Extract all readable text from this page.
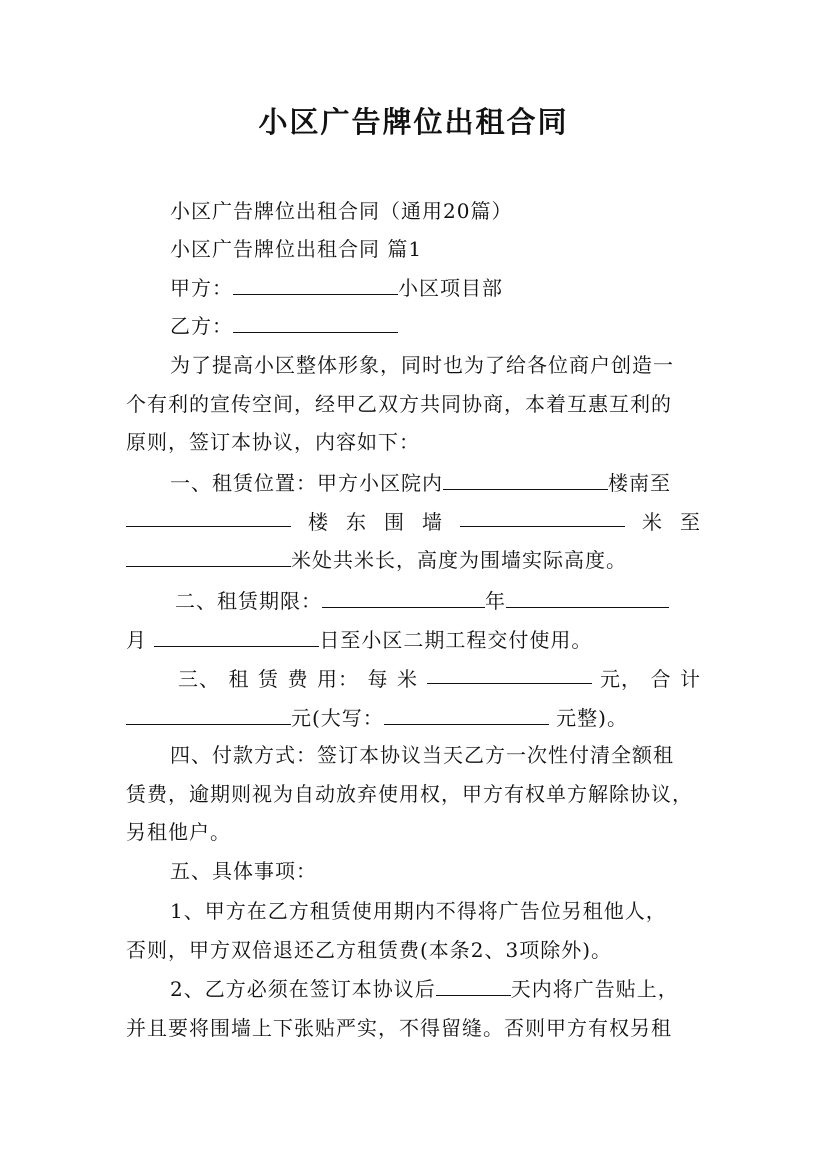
小区广告牌位出租合同
小区广告牌位出租合同（通用20篇）
小区广告牌位出租合同 篇1
甲方：	小区项目部
乙方：
为了提高小区整体形象，同时也为了给各位商户创造一
个有利的宣传空间，经甲乙双方共同协商，本着互惠互利的
原则，签订本协议，内容如下：
一、租赁位置：甲方小区院内	楼南至
楼 东 围 墙	米 至
米处共米长，高度为围墙实际高度。
二、租赁期限：	年
月	日至小区二期工程交付使用。
三、 租 赁 费 用： 每 米	元， 合 计
元(大写：	元整)。
四、付款方式：签订本协议当天乙方一次性付清全额租
赁费，逾期则视为自动放弃使用权，甲方有权单方解除协议，
另租他户。
五、具体事项：
1、甲方在乙方租赁使用期内不得将广告位另租他人，
否则，甲方双倍退还乙方租赁费(本条2、3项除外)。
2、乙方必须在签订本协议后	天内将广告贴上，
并且要将围墙上下张贴严实，不得留缝。否则甲方有权另租
